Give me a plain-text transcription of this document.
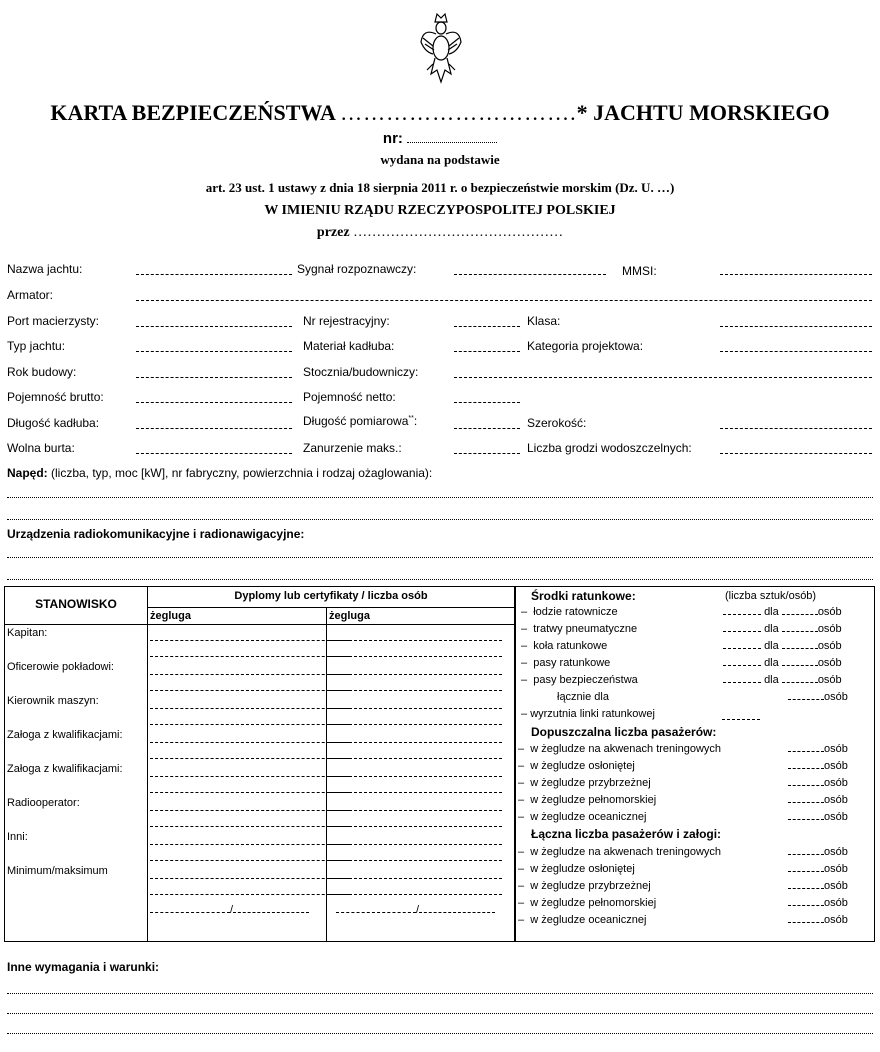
KARTA BEZPIECZEŃSTWA ………………………….* JACHTU MORSKIEGO
nr:
wydana na podstawie
art. 23 ust. 1 ustawy z dnia 18 sierpnia 2011 r. o bezpieczeństwie morskim (Dz. U. …)
W IMIENIU RZĄDU RZECZYPOSPOLITEJ POLSKIEJ
przez ………………………………………
Nazwa jachtu:	Sygnał rozpoznawczy:	MMSI:
Armator:
Port macierzysty:	Nr rejestracyjny:	Klasa:
Typ jachtu:	Materiał kadłuba:	Kategoria projektowa:
Rok budowy:	Stocznia/budowniczy:
Pojemność brutto:	Pojemność netto:
Długość kadłuba:	Długość pomiarowa**:	Szerokość:
Wolna burta:	Zanurzenie maks.:	Liczba grodzi wodoszczelnych:
Napęd: (liczba, typ, moc [kW], nr fabryczny, powierzchnia i rodzaj ożaglowania):
Urządzenia radiokomunikacyjne i radionawigacyjne:
STANOWISKO
Dyplomy lub certyfikaty / liczba osób
żegluga	żegluga
Kapitan:
Oficerowie pokładowi:
Kierownik maszyn:
Załoga z kwalifikacjami:
Załoga z kwalifikacjami:
Radiooperator:
Inni:
Minimum/maksimum
/	/
Środki ratunkowe:	(liczba sztuk/osób)
–  łodzie ratownicze	dla	osób
–  tratwy pneumatyczne	dla	osób
–  koła ratunkowe	dla	osób
–  pasy ratunkowe	dla	osób
–  pasy bezpieczeństwa	dla	osób
łącznie dla	osób
– wyrzutnia linki ratunkowej
Dopuszczalna liczba pasażerów:
–  w żegludze na akwenach treningowych	osób
–  w żegludze osłoniętej	osób
–  w żegludze przybrzeżnej	osób
–  w żegludze pełnomorskiej	osób
–  w żegludze oceanicznej	osób
Łączna liczba pasażerów i załogi:
–  w żegludze na akwenach treningowych	osób
–  w żegludze osłoniętej	osób
–  w żegludze przybrzeżnej	osób
–  w żegludze pełnomorskiej	osób
–  w żegludze oceanicznej	osób
Inne wymagania i warunki:
